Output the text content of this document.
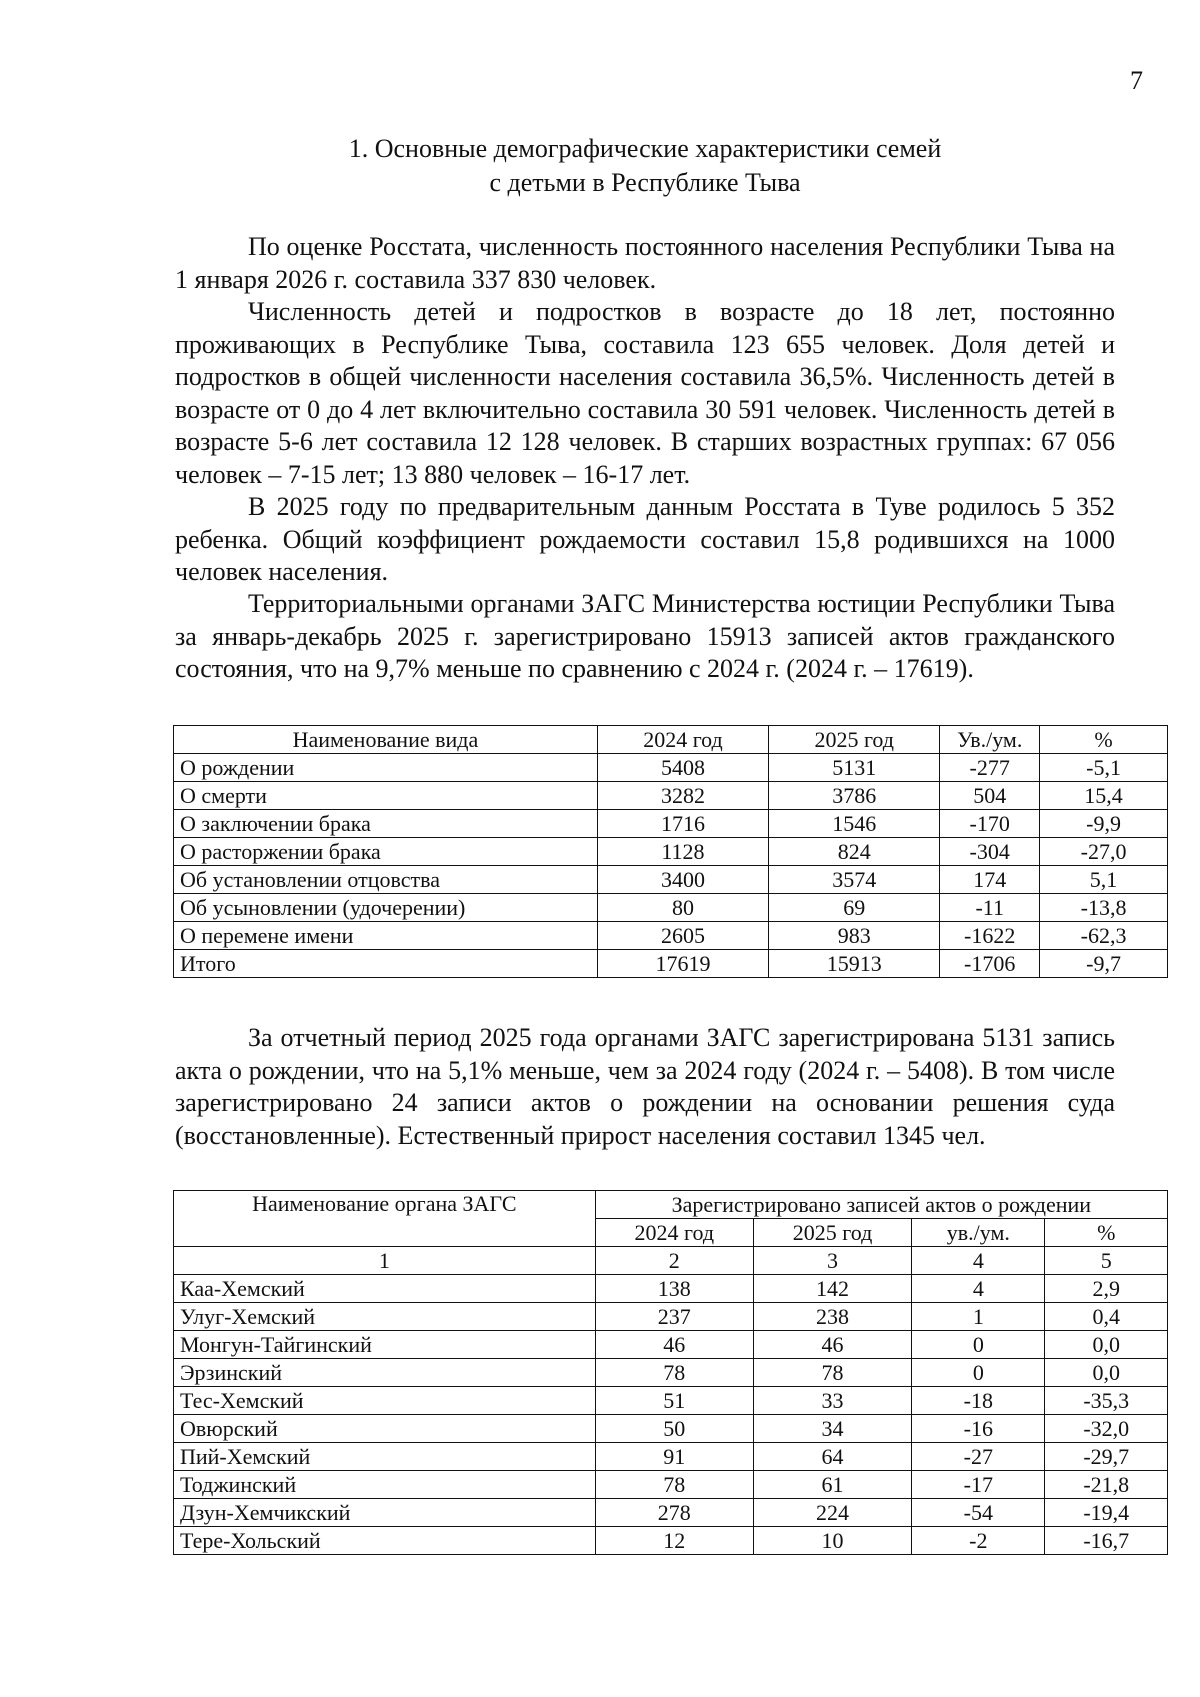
7
1. Основные демографические характеристики семей
с детьми в Республике Тыва

По оценке Росстата, численность постоянного населения Республики Тыва на 1 января 2026 г. составила 337 830 человек.

Численность детей и подростков в возрасте до 18 лет, постоянно проживающих в Республике Тыва, составила 123 655 человек. Доля детей и подростков в общей численности населения составила 36,5%. Численность детей в возрасте от 0 до 4 лет включительно составила 30 591 человек. Численность детей в возрасте 5-6 лет составила 12 128 человек. В старших возрастных группах: 67 056 человек – 7-15 лет; 13 880 человек – 16-17 лет.

В 2025 году по предварительным данным Росстата в Туве родилось 5 352 ребенка. Общий коэффициент рождаемости составил 15,8 родившихся на 1000 человек населения.

Территориальными органами ЗАГС Министерства юстиции Республики Тыва за январь-декабрь 2025 г. зарегистрировано 15913 записей актов гражданского состояния, что на 9,7% меньше по сравнению с 2024 г. (2024 г. – 17619).

Наименование вида	2024 год	2025 год	Ув./ум.	%
О рождении	5408	5131	-277	-5,1
О смерти	3282	3786	504	15,4
О заключении брака	1716	1546	-170	-9,9
О расторжении брака	1128	824	-304	-27,0
Об установлении отцовства	3400	3574	174	5,1
Об усыновлении (удочерении)	80	69	-11	-13,8
О перемене имени	2605	983	-1622	-62,3
Итого	17619	15913	-1706	-9,7

За отчетный период 2025 года органами ЗАГС зарегистрирована 5131 запись акта о рождении, что на 5,1% меньше, чем за 2024 году (2024 г. – 5408). В том числе зарегистрировано 24 записи актов о рождении на основании решения суда (восстановленные). Естественный прирост населения составил 1345 чел.

Наименование органа ЗАГС	Зарегистрировано записей актов о рождении			
	2024 год	2025 год	ув./ум.	%
1	2	3	4	5
Каа-Хемский	138	142	4	2,9
Улуг-Хемский	237	238	1	0,4
Монгун-Тайгинский	46	46	0	0,0
Эрзинский	78	78	0	0,0
Тес-Хемский	51	33	-18	-35,3
Овюрский	50	34	-16	-32,0
Пий-Хемский	91	64	-27	-29,7
Тоджинский	78	61	-17	-21,8
Дзун-Хемчикский	278	224	-54	-19,4
Тере-Хольский	12	10	-2	-16,7
